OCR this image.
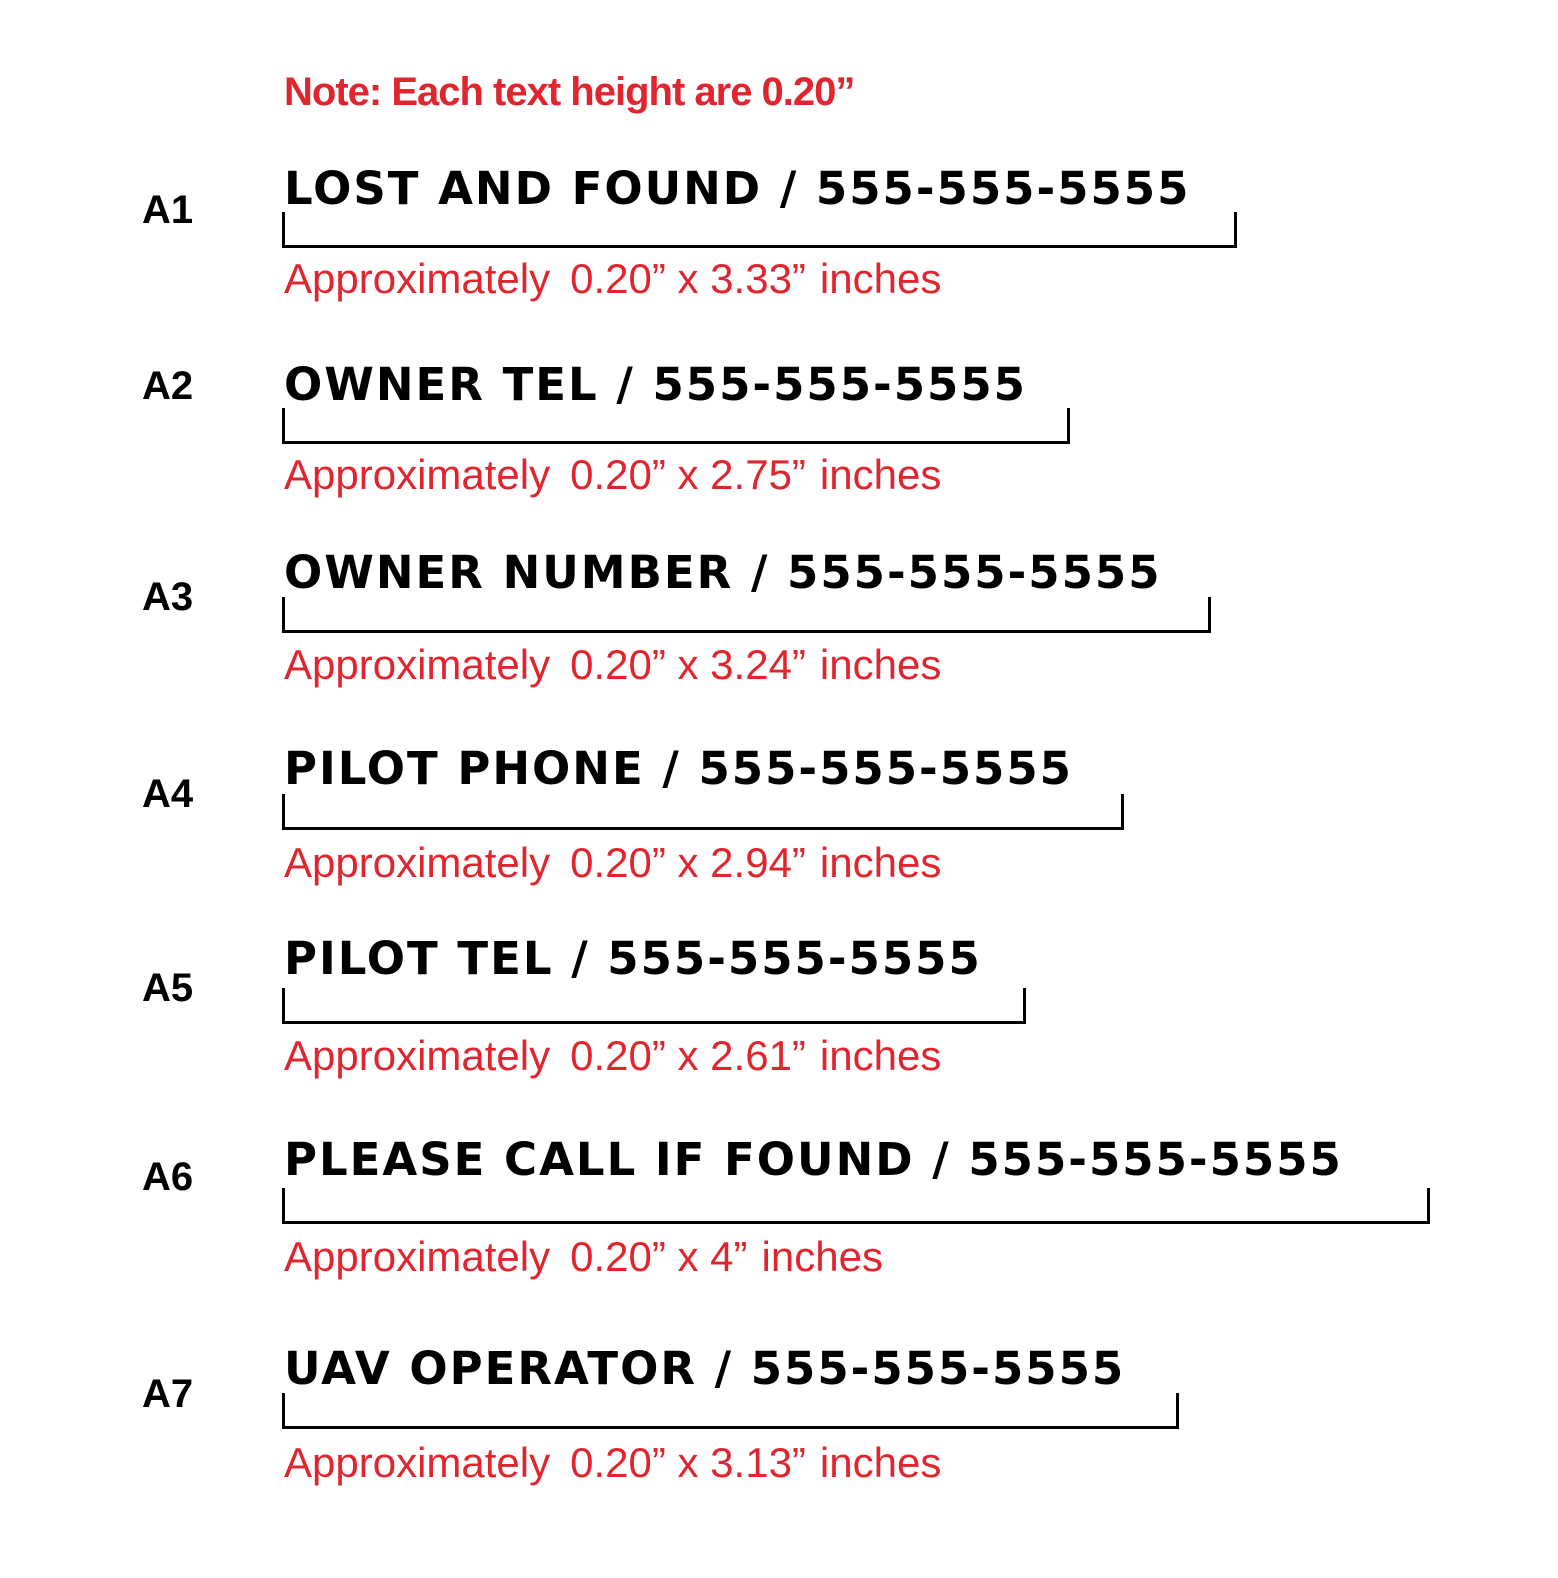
Note: Each text height are 0.20”
A1 LOST AND FOUND / 555-555-5555
Approximately 0.20” x 3.33” inches
A2 OWNER TEL / 555-555-5555
Approximately 0.20” x 2.75” inches
A3 OWNER NUMBER / 555-555-5555
Approximately 0.20” x 3.24” inches
A4 PILOT PHONE / 555-555-5555
Approximately 0.20” x 2.94” inches
A5
PILOT TEL / 555-555-5555
Approximately 0.20” x 2.61” inches
A6 PLEASE CALL IF FOUND / 555-555-5555
Approximately 0.20” x 4” inches
A7 UAV OPERATOR / 555-555-5555
Approximately 0.20” x 3.13” inches
